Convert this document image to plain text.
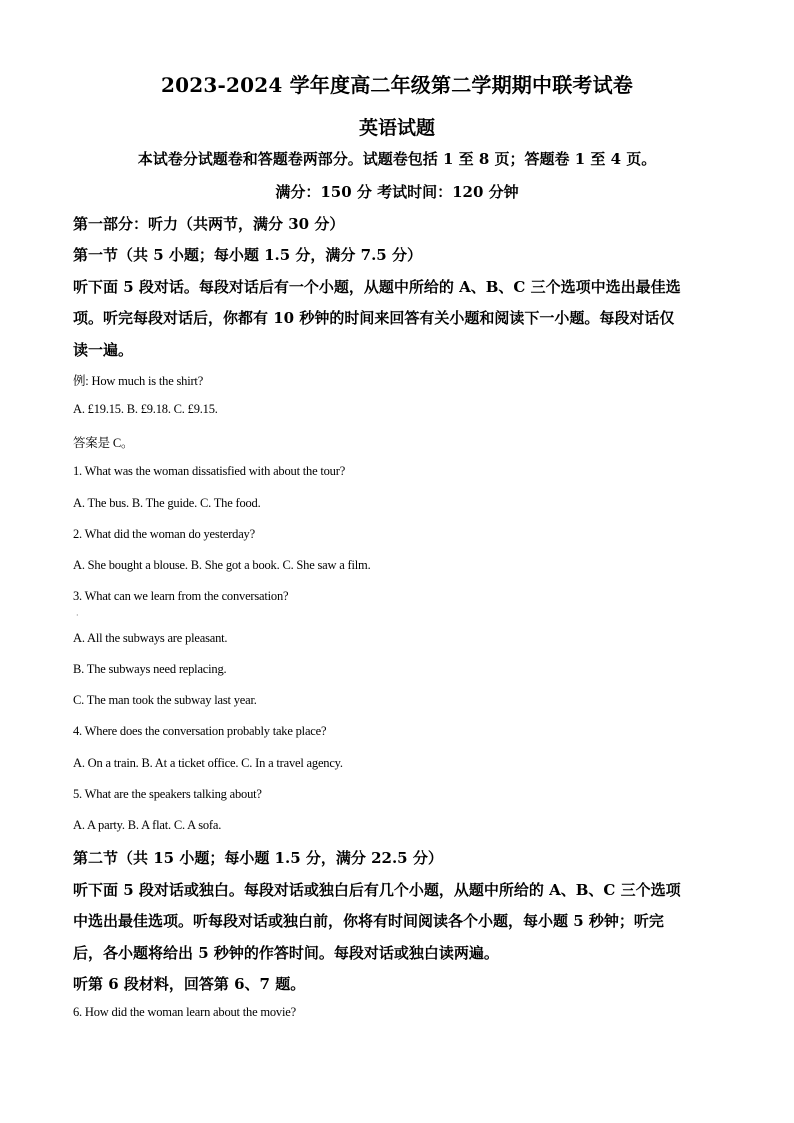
2023-2024 学年度高二年级第二学期期中联考试卷
英语试题
本试卷分试题卷和答题卷两部分。试题卷包括 1 至 8 页；答题卷 1 至 4 页。
满分：150 分 考试时间：120 分钟
第一部分：听力（共两节，满分 30 分）
第一节（共 5 小题；每小题 1.5 分，满分 7.5 分）
听下面 5 段对话。每段对话后有一个小题，从题中所给的 A、B、C 三个选项中选出最佳选
项。听完每段对话后，你都有 10 秒钟的时间来回答有关小题和阅读下一小题。每段对话仅
读一遍。
例: How much is the shirt?
A. £19.15. B. £9.18. C. £9.15.
答案是 C。
1. What was the woman dissatisfied with about the tour?
A. The bus. B. The guide. C. The food.
2. What did the woman do yesterday?
A. She bought a blouse. B. She got a book. C. She saw a film.
3. What can we learn from the conversation?
·
A. All the subways are pleasant.
B. The subways need replacing.
C. The man took the subway last year.
4. Where does the conversation probably take place?
A. On a train. B. At a ticket office. C. In a travel agency.
5. What are the speakers talking about?
A. A party. B. A flat. C. A sofa.
第二节（共 15 小题；每小题 1.5 分，满分 22.5 分）
听下面 5 段对话或独白。每段对话或独白后有几个小题，从题中所给的 A、B、C 三个选项
中选出最佳选项。听每段对话或独白前，你将有时间阅读各个小题，每小题 5 秒钟；听完
后，各小题将给出 5 秒钟的作答时间。每段对话或独白读两遍。
听第 6 段材料，回答第 6、7 题。
6. How did the woman learn about the movie?
